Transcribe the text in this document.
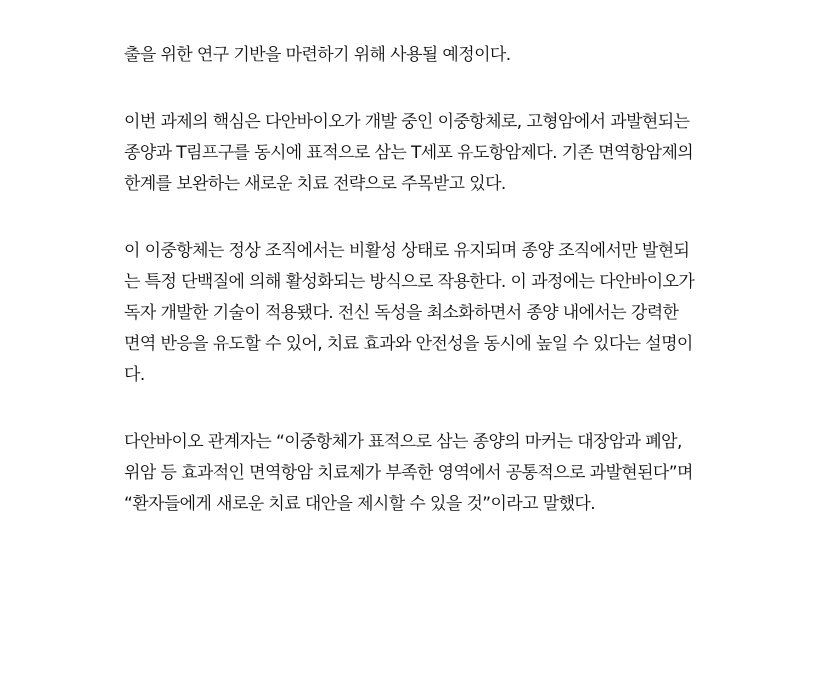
출을 위한 연구 기반을 마련하기 위해 사용될 예정이다.

이번 과제의 핵심은 다안바이오가 개발 중인 이중항체로, 고형암에서 과발현되는
종양과 T림프구를 동시에 표적으로 삼는 T세포 유도항암제다. 기존 면역항암제의
한계를 보완하는 새로운 치료 전략으로 주목받고 있다.

이 이중항체는 정상 조직에서는 비활성 상태로 유지되며 종양 조직에서만 발현되
는 특정 단백질에 의해 활성화되는 방식으로 작용한다. 이 과정에는 다안바이오가
독자 개발한 기술이 적용됐다. 전신 독성을 최소화하면서 종양 내에서는 강력한
면역 반응을 유도할 수 있어, 치료 효과와 안전성을 동시에 높일 수 있다는 설명이
다.

다안바이오 관계자는 “이중항체가 표적으로 삼는 종양의 마커는 대장암과 폐암,
위암 등 효과적인 면역항암 치료제가 부족한 영역에서 공통적으로 과발현된다”며
“환자들에게 새로운 치료 대안을 제시할 수 있을 것”이라고 말했다.
